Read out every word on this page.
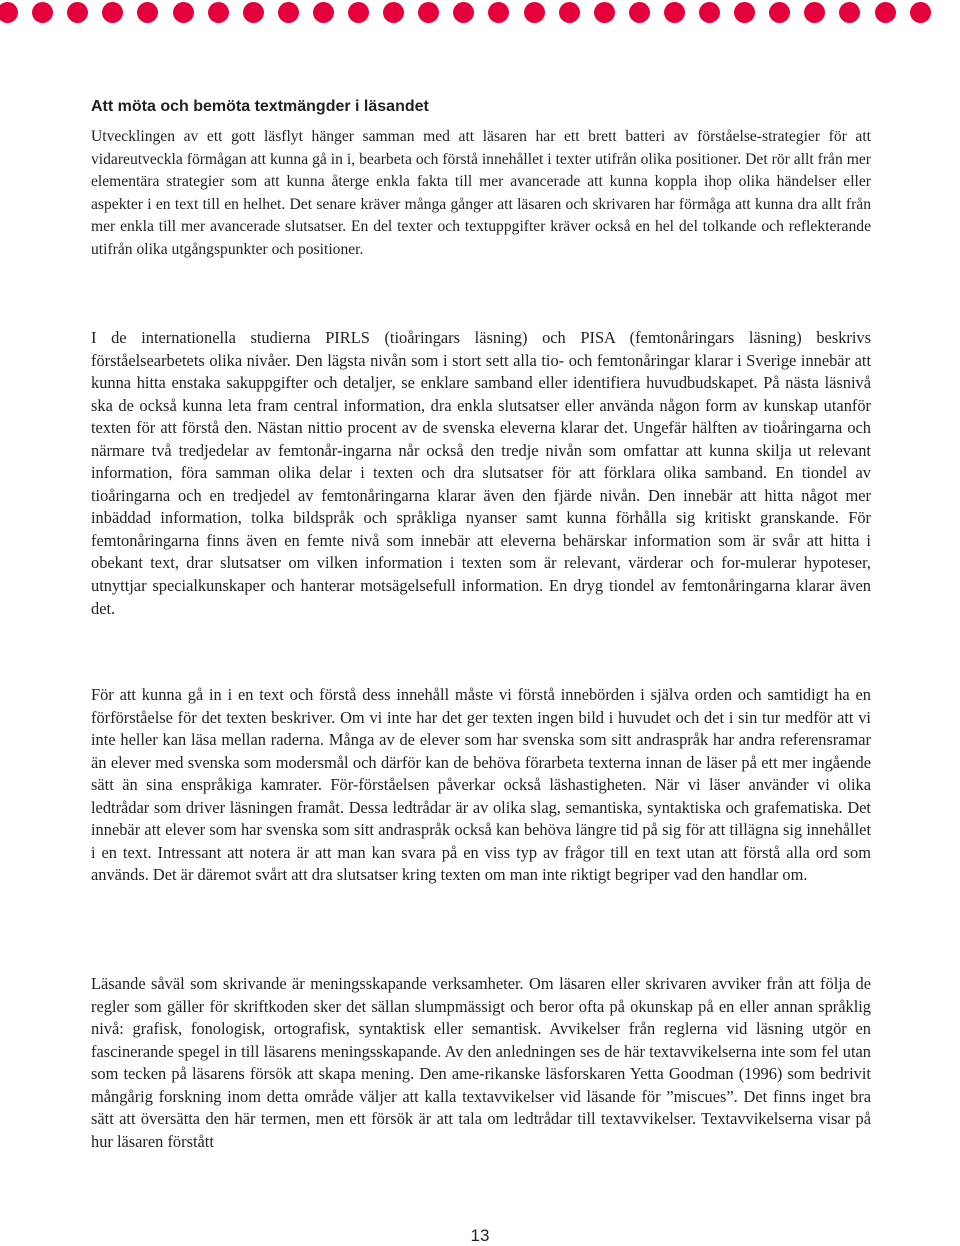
Att möta och bemöta textmängder i läsandet

Utvecklingen av ett gott läsflyt hänger samman med att läsaren har ett brett batteri av förståelse-strategier för att vidareutveckla förmågan att kunna gå in i, bearbeta och förstå innehållet i texter utifrån olika positioner. Det rör allt från mer elementära strategier som att kunna återge enkla fakta till mer avancerade att kunna koppla ihop olika händelser eller aspekter i en text till en helhet. Det senare kräver många gånger att läsaren och skrivaren har förmåga att kunna dra allt från mer enkla till mer avancerade slutsatser. En del texter och textuppgifter kräver också en hel del tolkande och reflekterande utifrån olika utgångspunkter och positioner.

I de internationella studierna PIRLS (tioåringars läsning) och PISA (femtonåringars läsning) beskrivs förståelsearbetets olika nivåer. Den lägsta nivån som i stort sett alla tio- och femtonåringar klarar i Sverige innebär att kunna hitta enstaka sakuppgifter och detaljer, se enklare samband eller identifiera huvudbudskapet. På nästa läsnivå ska de också kunna leta fram central information, dra enkla slutsatser eller använda någon form av kunskap utanför texten för att förstå den. Nästan nittio procent av de svenska eleverna klarar det. Ungefär hälften av tioåringarna och närmare två tredjedelar av femtonår-ingarna når också den tredje nivån som omfattar att kunna skilja ut relevant information, föra samman olika delar i texten och dra slutsatser för att förklara olika samband. En tiondel av tioåringarna och en tredjedel av femtonåringarna klarar även den fjärde nivån. Den innebär att hitta något mer inbäddad information, tolka bildspråk och språkliga nyanser samt kunna förhålla sig kritiskt granskande. För femtonåringarna finns även en femte nivå som innebär att eleverna behärskar information som är svår att hitta i obekant text, drar slutsatser om vilken information i texten som är relevant, värderar och for-mulerar hypoteser, utnyttjar specialkunskaper och hanterar motsägelsefull information. En dryg tiondel av femtonåringarna klarar även det.

För att kunna gå in i en text och förstå dess innehåll måste vi förstå innebörden i själva orden och samtidigt ha en förförståelse för det texten beskriver. Om vi inte har det ger texten ingen bild i huvudet och det i sin tur medför att vi inte heller kan läsa mellan raderna. Många av de elever som har svenska som sitt andraspråk har andra referensramar än elever med svenska som modersmål och därför kan de behöva förarbeta texterna innan de läser på ett mer ingående sätt än sina enspråkiga kamrater. För-förståelsen påverkar också läshastigheten. När vi läser använder vi olika ledtrådar som driver läsningen framåt. Dessa ledtrådar är av olika slag, semantiska, syntaktiska och grafematiska. Det innebär att elever som har svenska som sitt andraspråk också kan behöva längre tid på sig för att tillägna sig innehållet i en text. Intressant att notera är att man kan svara på en viss typ av frågor till en text utan att förstå alla ord som används. Det är däremot svårt att dra slutsatser kring texten om man inte riktigt begriper vad den handlar om.

Läsande såväl som skrivande är meningsskapande verksamheter. Om läsaren eller skrivaren avviker från att följa de regler som gäller för skriftkoden sker det sällan slumpmässigt och beror ofta på okunskap på en eller annan språklig nivå: grafisk, fonologisk, ortografisk, syntaktisk eller semantisk. Avvikelser från reglerna vid läsning utgör en fascinerande spegel in till läsarens meningsskapande. Av den anledningen ses de här textavvikelserna inte som fel utan som tecken på läsarens försök att skapa mening. Den ame-rikanske läsforskaren Yetta Goodman (1996) som bedrivit mångårig forskning inom detta område väljer att kalla textavvikelser vid läsande för ”miscues”. Det finns inget bra sätt att översätta den här termen, men ett försök är att tala om ledtrådar till textavvikelser. Textavvikelserna visar på hur läsaren förstått

13
